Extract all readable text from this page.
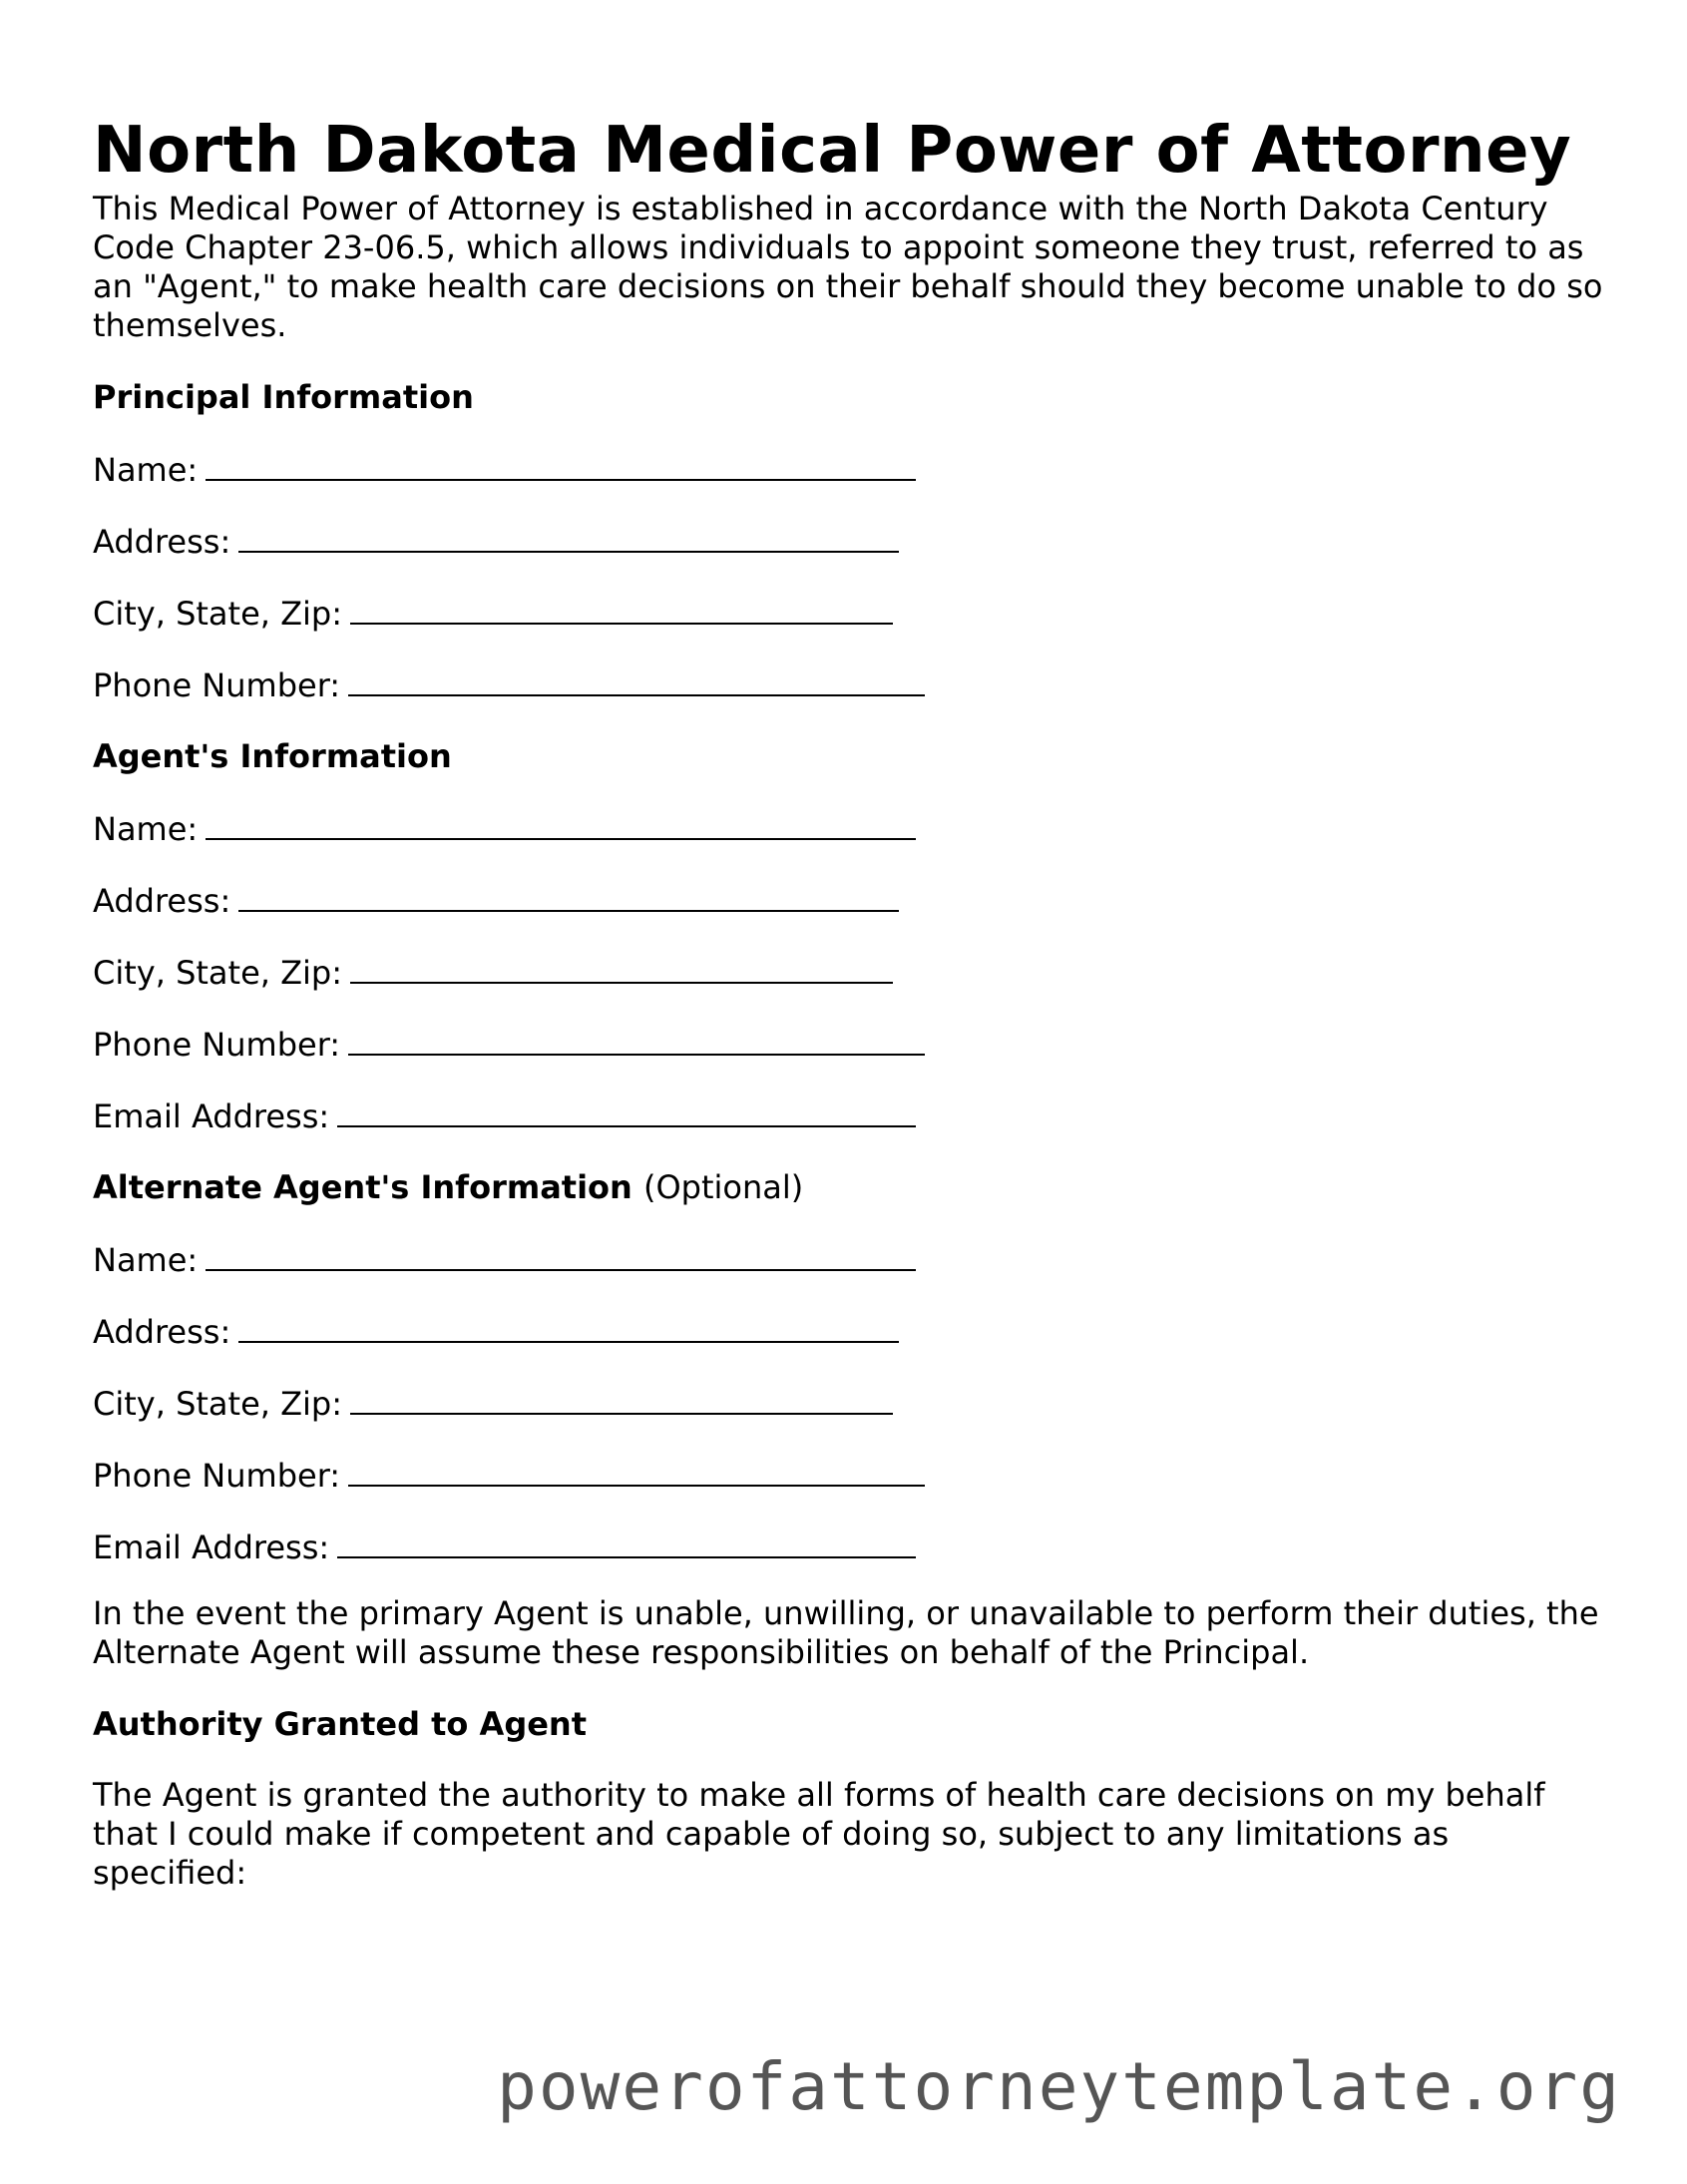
North Dakota Medical Power of Attorney

This Medical Power of Attorney is established in accordance with the North Dakota Century Code Chapter 23-06.5, which allows individuals to appoint someone they trust, referred to as an "Agent," to make health care decisions on their behalf should they become unable to do so themselves.

Principal Information

Name:

Address:

City, State, Zip:

Phone Number:

Agent's Information

Name:

Address:

City, State, Zip:

Phone Number:

Email Address:

Alternate Agent's Information (Optional)

Name:

Address:

City, State, Zip:

Phone Number:

Email Address:

In the event the primary Agent is unable, unwilling, or unavailable to perform their duties, the Alternate Agent will assume these responsibilities on behalf of the Principal.

Authority Granted to Agent

The Agent is granted the authority to make all forms of health care decisions on my behalf that I could make if competent and capable of doing so, subject to any limitations as specified:

powerofattorneytemplate.org
